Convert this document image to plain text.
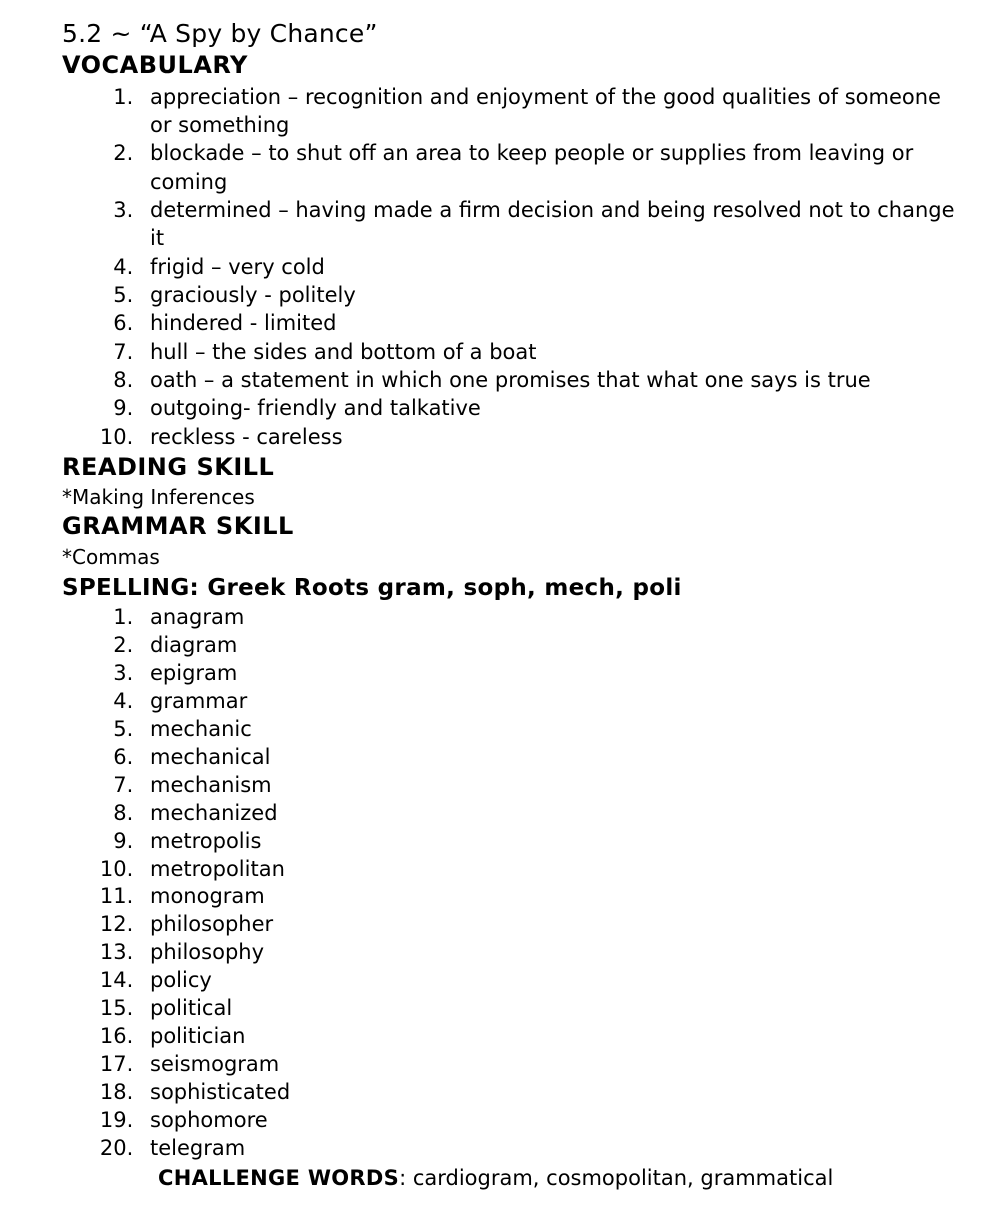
5.2 ~ “A Spy by Chance”
VOCABULARY
1. appreciation – recognition and enjoyment of the good qualities of someone or something
2. blockade – to shut off an area to keep people or supplies from leaving or coming
3. determined – having made a firm decision and being resolved not to change it
4. frigid – very cold
5. graciously - politely
6. hindered - limited
7. hull – the sides and bottom of a boat
8. oath – a statement in which one promises that what one says is true
9. outgoing- friendly and talkative
10. reckless - careless
READING SKILL

*Making Inferences

GRAMMAR SKILL

*Commas

SPELLING: Greek Roots gram, soph, mech, poli
1. anagram
2. diagram
3. epigram
4. grammar
5. mechanic
6. mechanical
7. mechanism
8. mechanized
9. metropolis
10. metropolitan
11. monogram
12. philosopher
13. philosophy
14. policy
15. political
16. politician
17. seismogram
18. sophisticated
19. sophomore
20. telegram

CHALLENGE WORDS: cardiogram, cosmopolitan, grammatical
